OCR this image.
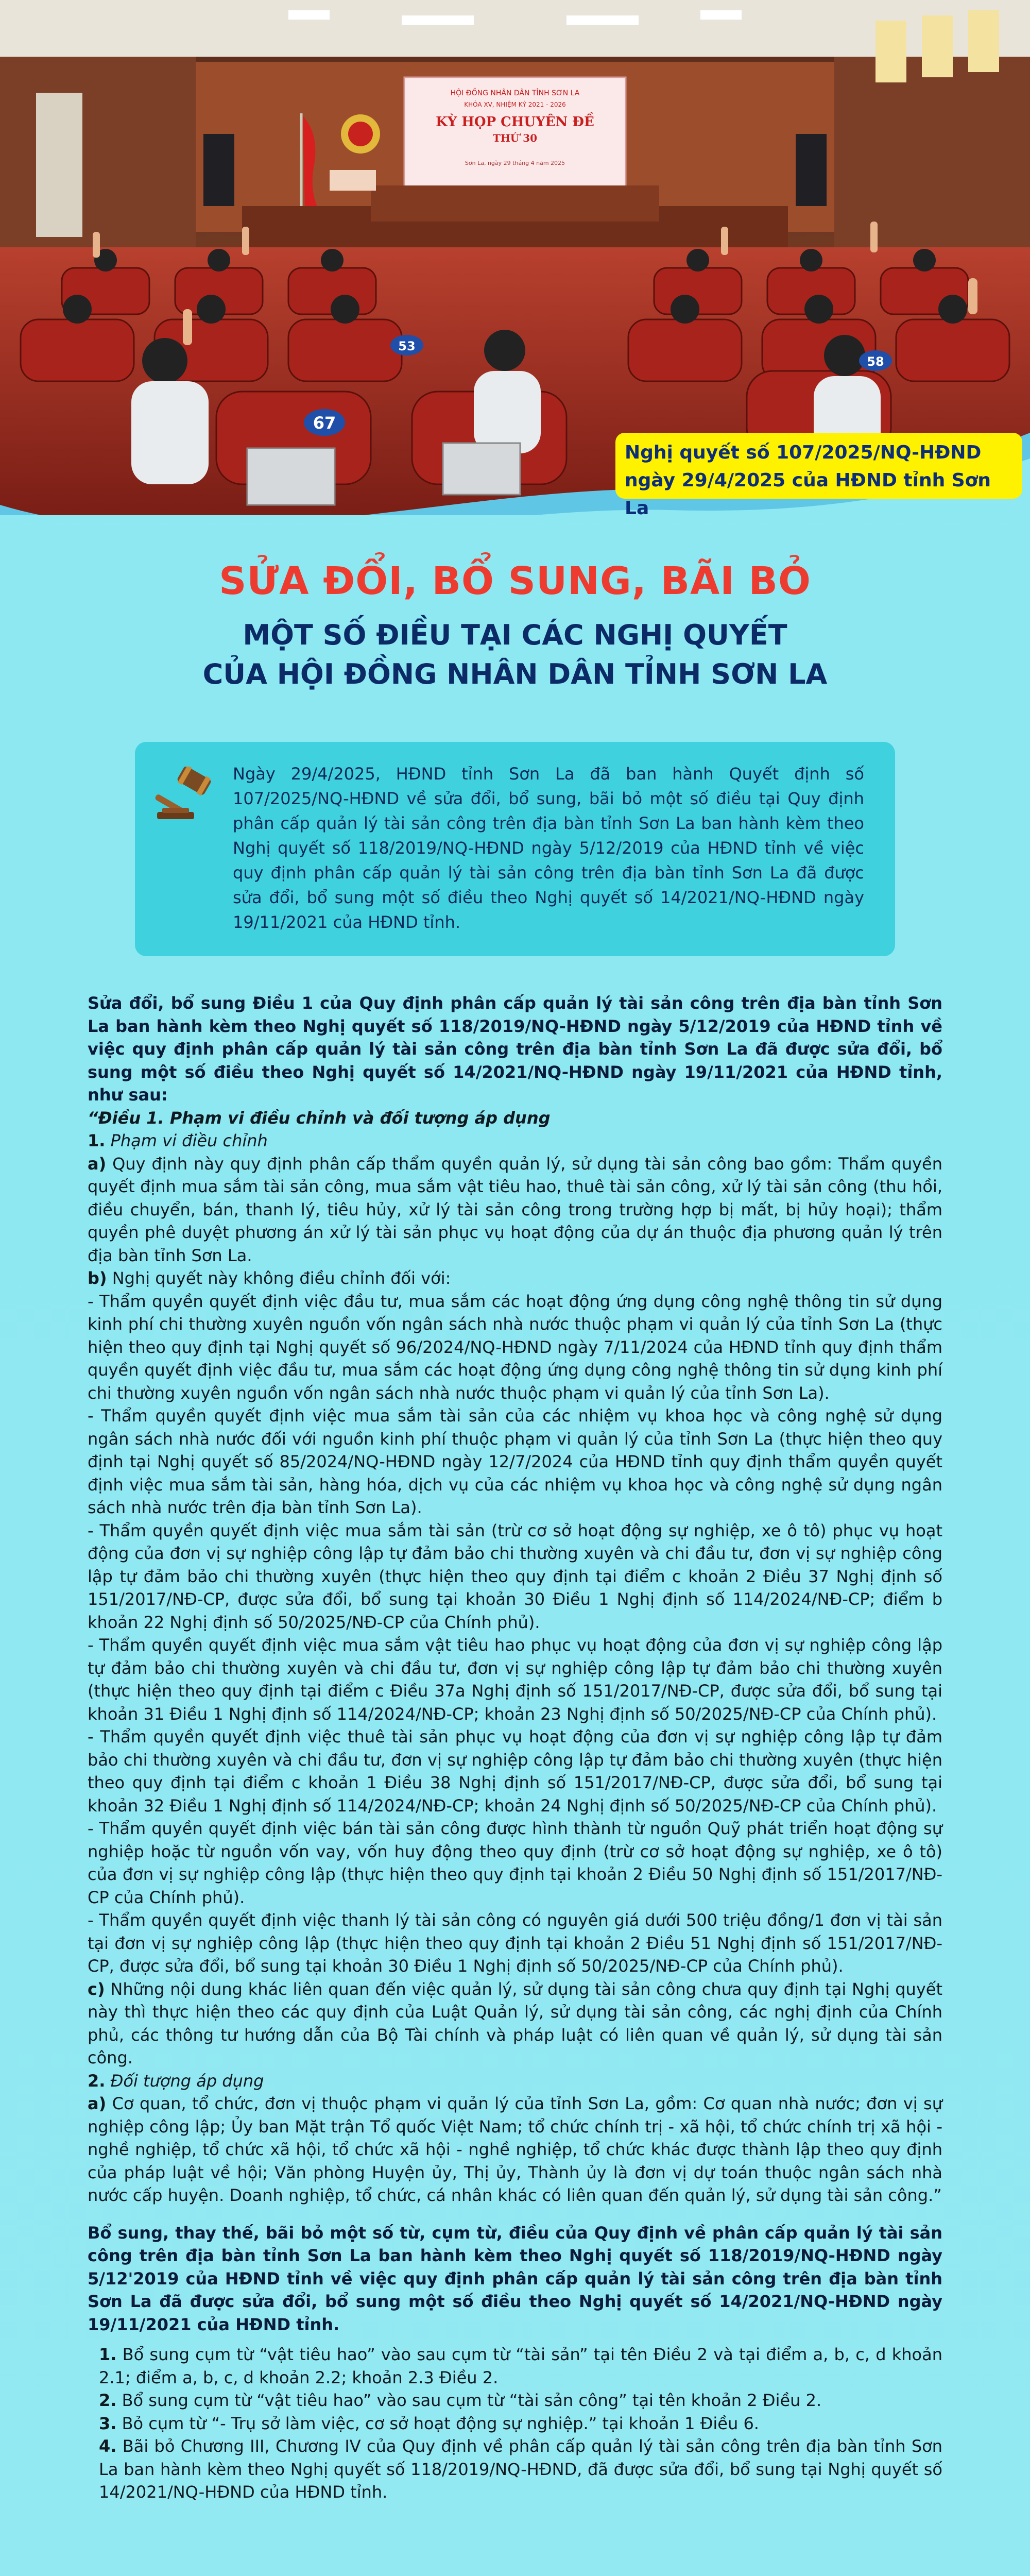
HỘI ĐỒNG NHÂN DÂN TỈNH SƠN LA
KHÓA XV, NHIỆM KỲ 2021 - 2026
KỲ HỌP CHUYÊN ĐỀ
THỨ 30
Sơn La, ngày 29 tháng 4 năm 2025
67
53
58
Nghị quyết số 107/2025/NQ-HĐND
ngày 29/4/2025 của HĐND tỉnh Sơn La
SỬA ĐỔI, BỔ SUNG, BÃI BỎ
MỘT SỐ ĐIỀU TẠI CÁC NGHỊ QUYẾT
CỦA HỘI ĐỒNG NHÂN DÂN TỈNH SƠN LA
Ngày 29/4/2025, HĐND tỉnh Sơn La đã ban hành Quyết định số 107/2025/NQ-HĐND về sửa đổi, bổ sung, bãi bỏ một số điều tại Quy định phân cấp quản lý tài sản công trên địa bàn tỉnh Sơn La ban hành kèm theo Nghị quyết số 118/2019/NQ-HĐND ngày 5/12/2019 của HĐND tỉnh về việc quy định phân cấp quản lý tài sản công trên địa bàn tỉnh Sơn La đã được sửa đổi, bổ sung một số điều theo Nghị quyết số 14/2021/NQ-HĐND ngày 19/11/2021 của HĐND tỉnh.

Sửa đổi, bổ sung Điều 1 của Quy định phân cấp quản lý tài sản công trên địa bàn tỉnh Sơn La ban hành kèm theo Nghị quyết số 118/2019/NQ-HĐND ngày 5/12/2019 của HĐND tỉnh về việc quy định phân cấp quản lý tài sản công trên địa bàn tỉnh Sơn La đã được sửa đổi, bổ sung một số điều theo Nghị quyết số 14/2021/NQ-HĐND ngày 19/11/2021 của HĐND tỉnh, như sau:

“Điều 1. Phạm vi điều chỉnh và đối tượng áp dụng

1. Phạm vi điều chỉnh

a) Quy định này quy định phân cấp thẩm quyền quản lý, sử dụng tài sản công bao gồm: Thẩm quyền quyết định mua sắm tài sản công, mua sắm vật tiêu hao, thuê tài sản công, xử lý tài sản công (thu hồi, điều chuyển, bán, thanh lý, tiêu hủy, xử lý tài sản công trong trường hợp bị mất, bị hủy hoại); thẩm quyền phê duyệt phương án xử lý tài sản phục vụ hoạt động của dự án thuộc địa phương quản lý trên địa bàn tỉnh Sơn La.

b) Nghị quyết này không điều chỉnh đối với:

- Thẩm quyền quyết định việc đầu tư, mua sắm các hoạt động ứng dụng công nghệ thông tin sử dụng kinh phí chi thường xuyên nguồn vốn ngân sách nhà nước thuộc phạm vi quản lý của tỉnh Sơn La (thực hiện theo quy định tại Nghị quyết số 96/2024/NQ-HĐND ngày 7/11/2024 của HĐND tỉnh quy định thẩm quyền quyết định việc đầu tư, mua sắm các hoạt động ứng dụng công nghệ thông tin sử dụng kinh phí chi thường xuyên nguồn vốn ngân sách nhà nước thuộc phạm vi quản lý của tỉnh Sơn La).

- Thẩm quyền quyết định việc mua sắm tài sản của các nhiệm vụ khoa học và công nghệ sử dụng ngân sách nhà nước đối với nguồn kinh phí thuộc phạm vi quản lý của tỉnh Sơn La (thực hiện theo quy định tại Nghị quyết số 85/2024/NQ-HĐND ngày 12/7/2024 của HĐND tỉnh quy định thẩm quyền quyết định việc mua sắm tài sản, hàng hóa, dịch vụ của các nhiệm vụ khoa học và công nghệ sử dụng ngân sách nhà nước trên địa bàn tỉnh Sơn La).

- Thẩm quyền quyết định việc mua sắm tài sản (trừ cơ sở hoạt động sự nghiệp, xe ô tô) phục vụ hoạt động của đơn vị sự nghiệp công lập tự đảm bảo chi thường xuyên và chi đầu tư, đơn vị sự nghiệp công lập tự đảm bảo chi thường xuyên (thực hiện theo quy định tại điểm c khoản 2 Điều 37 Nghị định số 151/2017/NĐ-CP, được sửa đổi, bổ sung tại khoản 30 Điều 1 Nghị định số 114/2024/NĐ-CP; điểm b khoản 22 Nghị định số 50/2025/NĐ-CP của Chính phủ).

- Thẩm quyền quyết định việc mua sắm vật tiêu hao phục vụ hoạt động của đơn vị sự nghiệp công lập tự đảm bảo chi thường xuyên và chi đầu tư, đơn vị sự nghiệp công lập tự đảm bảo chi thường xuyên (thực hiện theo quy định tại điểm c Điều 37a Nghị định số 151/2017/NĐ-CP, được sửa đổi, bổ sung tại khoản 31 Điều 1 Nghị định số 114/2024/NĐ-CP; khoản 23 Nghị định số 50/2025/NĐ-CP của Chính phủ).

- Thẩm quyền quyết định việc thuê tài sản phục vụ hoạt động của đơn vị sự nghiệp công lập tự đảm bảo chi thường xuyên và chi đầu tư, đơn vị sự nghiệp công lập tự đảm bảo chi thường xuyên (thực hiện theo quy định tại điểm c khoản 1 Điều 38 Nghị định số 151/2017/NĐ-CP, được sửa đổi, bổ sung tại khoản 32 Điều 1 Nghị định số 114/2024/NĐ-CP; khoản 24 Nghị định số 50/2025/NĐ-CP của Chính phủ).

- Thẩm quyền quyết định việc bán tài sản công được hình thành từ nguồn Quỹ phát triển hoạt động sự nghiệp hoặc từ nguồn vốn vay, vốn huy động theo quy định (trừ cơ sở hoạt động sự nghiệp, xe ô tô) của đơn vị sự nghiệp công lập (thực hiện theo quy định tại khoản 2 Điều 50 Nghị định số 151/2017/NĐ-CP của Chính phủ).

- Thẩm quyền quyết định việc thanh lý tài sản công có nguyên giá dưới 500 triệu đồng/1 đơn vị tài sản tại đơn vị sự nghiệp công lập (thực hiện theo quy định tại khoản 2 Điều 51 Nghị định số 151/2017/NĐ-CP, được sửa đổi, bổ sung tại khoản 30 Điều 1 Nghị định số 50/2025/NĐ-CP của Chính phủ).

c) Những nội dung khác liên quan đến việc quản lý, sử dụng tài sản công chưa quy định tại Nghị quyết này thì thực hiện theo các quy định của Luật Quản lý, sử dụng tài sản công, các nghị định của Chính phủ, các thông tư hướng dẫn của Bộ Tài chính và pháp luật có liên quan về quản lý, sử dụng tài sản công.

2. Đối tượng áp dụng

a) Cơ quan, tổ chức, đơn vị thuộc phạm vi quản lý của tỉnh Sơn La, gồm: Cơ quan nhà nước; đơn vị sự nghiệp công lập; Ủy ban Mặt trận Tổ quốc Việt Nam; tổ chức chính trị - xã hội, tổ chức chính trị xã hội - nghề nghiệp, tổ chức xã hội, tổ chức xã hội - nghề nghiệp, tổ chức khác được thành lập theo quy định của pháp luật về hội; Văn phòng Huyện ủy, Thị ủy, Thành ủy là đơn vị dự toán thuộc ngân sách nhà nước cấp huyện. Doanh nghiệp, tổ chức, cá nhân khác có liên quan đến quản lý, sử dụng tài sản công.”

Bổ sung, thay thế, bãi bỏ một số từ, cụm từ, điều của Quy định về phân cấp quản lý tài sản công trên địa bàn tỉnh Sơn La ban hành kèm theo Nghị quyết số 118/2019/NQ-HĐND ngày 5/12'2019 của HĐND tỉnh về việc quy định phân cấp quản lý tài sản công trên địa bàn tỉnh Sơn La đã được sửa đổi, bổ sung một số điều theo Nghị quyết số 14/2021/NQ-HĐND ngày 19/11/2021 của HĐND tỉnh.

1. Bổ sung cụm từ “vật tiêu hao” vào sau cụm từ “tài sản” tại tên Điều 2 và tại điểm a, b, c, d khoản 2.1; điểm a, b, c, d khoản 2.2; khoản 2.3 Điều 2.

2. Bổ sung cụm từ “vật tiêu hao” vào sau cụm từ “tài sản công” tại tên khoản 2 Điều 2.

3. Bỏ cụm từ “- Trụ sở làm việc, cơ sở hoạt động sự nghiệp.” tại khoản 1 Điều 6.

4. Bãi bỏ Chương III, Chương IV của Quy định về phân cấp quản lý tài sản công trên địa bàn tỉnh Sơn La ban hành kèm theo Nghị quyết số 118/2019/NQ-HĐND, đã được sửa đổi, bổ sung tại Nghị quyết số 14/2021/NQ-HĐND của HĐND tỉnh.
